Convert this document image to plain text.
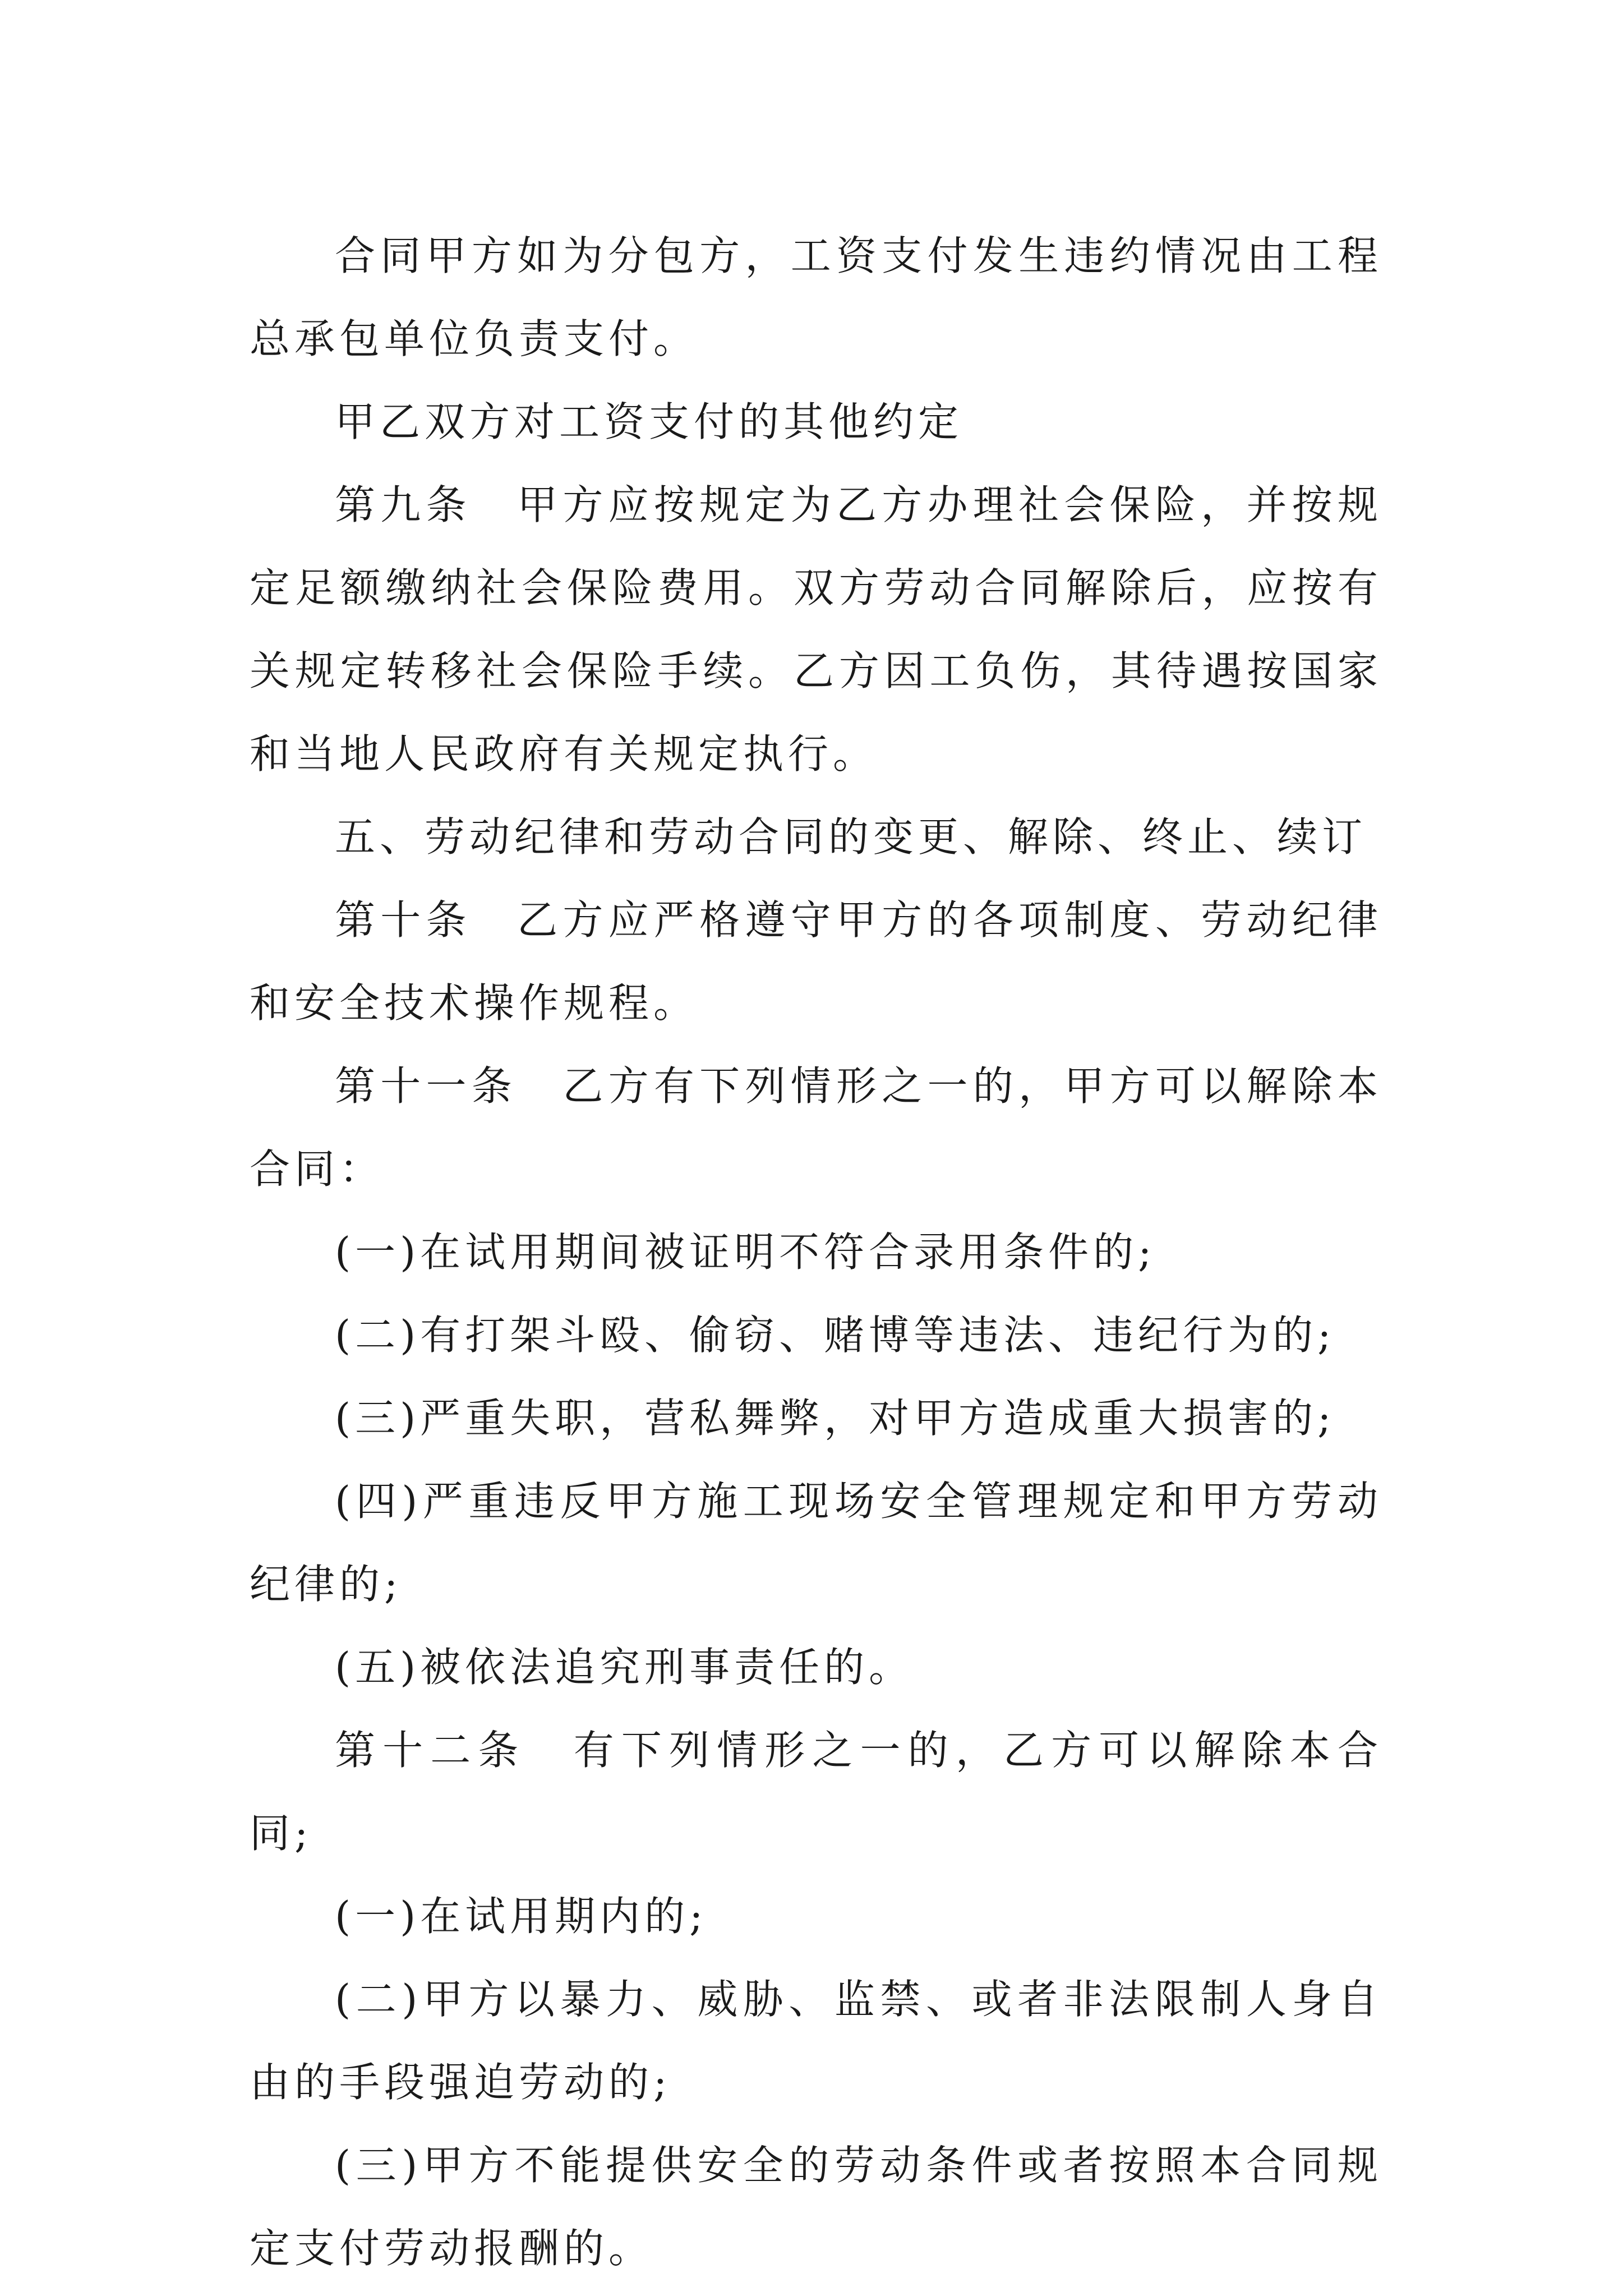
合同甲方如为分包方，工资支付发生违约情况由工程总承包单位负责支付。

甲乙双方对工资支付的其他约定

第九条　甲方应按规定为乙方办理社会保险，并按规定足额缴纳社会保险费用。双方劳动合同解除后，应按有关规定转移社会保险手续。乙方因工负伤，其待遇按国家和当地人民政府有关规定执行。

五、劳动纪律和劳动合同的变更、解除、终止、续订

第十条　乙方应严格遵守甲方的各项制度、劳动纪律和安全技术操作规程。

第十一条　乙方有下列情形之一的，甲方可以解除本合同：

(一)在试用期间被证明不符合录用条件的;

(二)有打架斗殴、偷窃、赌博等违法、违纪行为的;

(三)严重失职，营私舞弊，对甲方造成重大损害的;

(四)严重违反甲方施工现场安全管理规定和甲方劳动纪律的;

(五)被依法追究刑事责任的。

第十二条　有下列情形之一的，乙方可以解除本合同;

(一)在试用期内的;

(二)甲方以暴力、威胁、监禁、或者非法限制人身自由的手段强迫劳动的;

(三)甲方不能提供安全的劳动条件或者按照本合同规定支付劳动报酬的。
